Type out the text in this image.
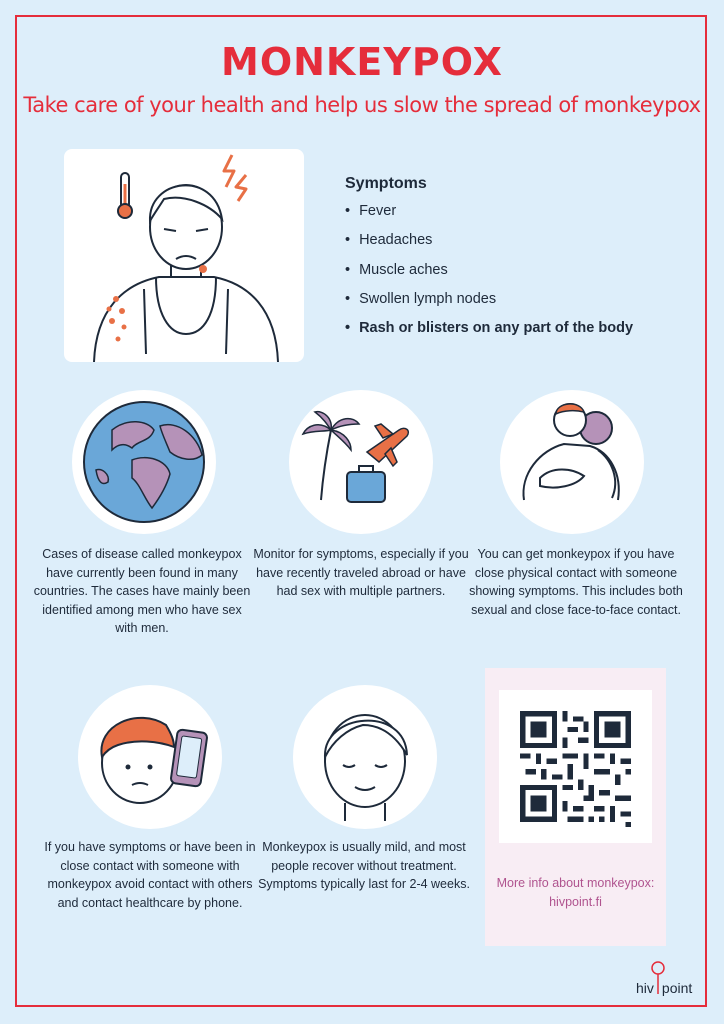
MONKEYPOX
Take care of your health and help us slow the spread of monkeypox
Symptoms
• Fever
• Headaches
• Muscle aches
• Swollen lymph nodes
• Rash or blisters on any part of the body
Cases of disease called monkeypox have currently been found in many countries. The cases have mainly been identified among men who have sex with men.
Monitor for symptoms, especially if you have recently traveled abroad or have had sex with multiple partners.
You can get monkeypox if you have close physical contact with someone showing symptoms. This includes both sexual and close face-to-face contact.
If you have symptoms or have been in close contact with someone with monkeypox avoid contact with others and contact healthcare by phone.
Monkeypox is usually mild, and most people recover without treatment. Symptoms typically last for 2-4 weeks.	More info about monkeypox:
hivpoint.fi
hiv point
